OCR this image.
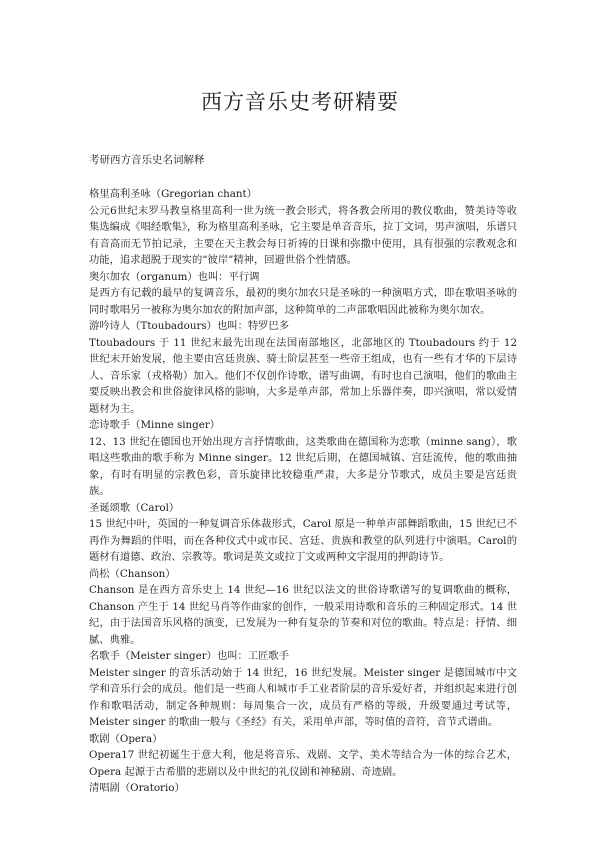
西方音乐史考研精要
考研西方音乐史名词解释

格里高利圣咏（Gregorian chant）

公元6世纪末罗马教皇格里高利一世为统一教会形式，将各教会所用的教仪歌曲，赞美诗等收集选编成《唱经歌集》，称为格里高利圣咏，它主要是单音音乐，拉丁文词，男声演唱，乐谱只有音高而无节拍记录，主要在天主教会每日祈祷的日课和弥撒中使用，具有很强的宗教观念和功能，追求超脱于现实的“彼岸”精神，回避世俗个性情感。

奥尔加农（organum）也叫：平行调

是西方有记载的最早的复调音乐，最初的奥尔加农只是圣咏的一种演唱方式，即在歌唱圣咏的同时歌唱另一被称为奥尔加农的附加声部，这种简单的二声部歌唱因此被称为奥尔加农。

游吟诗人（Ttoubadours）也叫：特罗巴多

Ttoubadours 于 11 世纪末最先出现在法国南部地区，北部地区的 Ttoubadours 约于 12 世纪末开始发展，他主要由宫廷贵族、骑士阶层甚至一些帝王组成，也有一些有才华的下层诗人、音乐家（戎格勒）加入。他们不仅创作诗歌，谱写曲调，有时也自己演唱，他们的歌曲主要反映出教会和世俗旋律风格的影响，大多是单声部，常加上乐器伴奏，即兴演唱，常以爱情题材为主。

恋诗歌手（Minne singer）

12、13 世纪在德国也开始出现方言抒情歌曲，这类歌曲在德国称为恋歌（minne sang），歌唱这些歌曲的歌手称为 Minne singer。12 世纪后期，在德国城镇、宫廷流传，他的歌曲抽象，有时有明显的宗教色彩，音乐旋律比较稳重严肃，大多是分节歌式，成员主要是宫廷贵族。

圣诞颂歌（Carol）

15 世纪中叶，英国的一种复调音乐体裁形式，Carol 原是一种单声部舞蹈歌曲，15 世纪已不再作为舞蹈的伴唱，而在各种仪式中或市民、宫廷、贵族和教堂的队列进行中演唱。Carol的题材有道德、政治、宗教等。歌词是英文或拉丁文或两种文字混用的押韵诗节。

尚松（Chanson）

Chanson 是在西方音乐史上 14 世纪—16 世纪以法文的世俗诗歌谱写的复调歌曲的概称，Chanson 产生于 14 世纪马肖等作曲家的创作，一般采用诗歌和音乐的三种固定形式。14 世纪，由于法国音乐风格的演变，已发展为一种有复杂的节奏和对位的歌曲。特点是：抒情、细腻、典雅。

名歌手（Meister singer）也叫：工匠歌手

Meister singer 的音乐活动始于 14 世纪，16 世纪发展。Meister singer 是德国城市中文学和音乐行会的成员。他们是一些商人和城市手工业者阶层的音乐爱好者，并组织起来进行创作和歌唱活动，制定各种规则：每周集合一次，成员有严格的等级，升级要通过考试等，Meister singer 的歌曲一般与《圣经》有关，采用单声部，等时值的音符，音节式谱曲。

歌剧（Opera）

Opera17 世纪初诞生于意大利，他是将音乐、戏剧、文学、美术等结合为一体的综合艺术，Opera 起源于古希腊的悲剧以及中世纪的礼仪剧和神秘剧、奇迹剧。

清唱剧（Oratorio）
